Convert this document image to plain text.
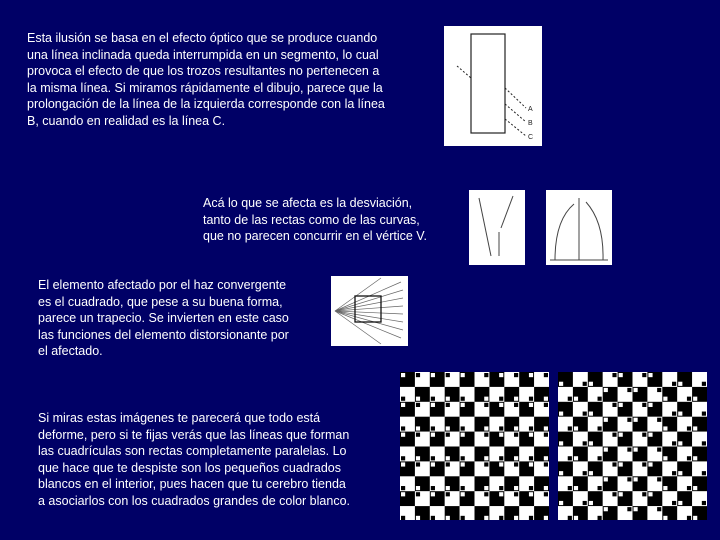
Esta ilusión se basa en el efecto óptico que se produce cuando
una línea inclinada queda interrumpida en un segmento, lo cual
provoca el efecto de que los trozos resultantes no pertenecen a
la misma línea. Si miramos rápidamente el dibujo, parece que la
prolongación de la línea de la izquierda corresponde con la línea
B, cuando en realidad es la línea C.

A
B
C

Acá lo que se afecta es la desviación,
tanto de las rectas como de las curvas,
que no parecen concurrir en el vértice V.

El elemento afectado por el haz convergente
es el cuadrado, que pese a su buena forma,
parece un trapecio. Se invierten en este caso
las funciones del elemento distorsionante por
el afectado.

Si miras estas imágenes te parecerá que todo está
deforme, pero si te fijas verás que las líneas que forman
las cuadrículas son rectas completamente paralelas. Lo
que hace que te despiste son los pequeños cuadrados
blancos en el interior, pues hacen que tu cerebro tienda
a asociarlos con los cuadrados grandes de color blanco.
